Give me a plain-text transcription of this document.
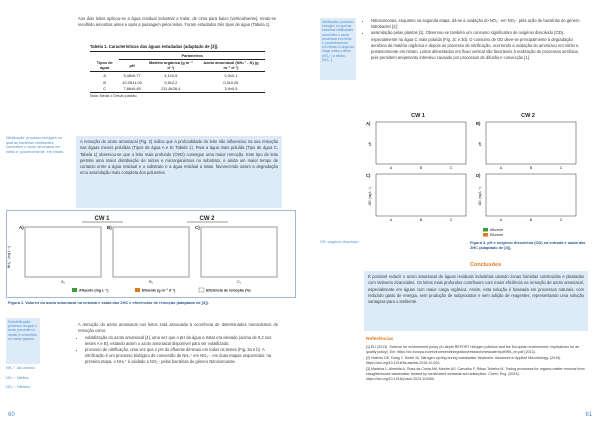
Aos dois leitos aplicou-se a água residual industrial a tratar, de cima para baixo (verticalmente), tendo-se recolhido amostras antes e após a passagem pelos leitos. Foram estudados três tipos de água (Tabela 1).

Tabela 1. Características das águas estudadas (adaptado de [3]).
	Parâmetros		
Tipos de água	pH	Matéria orgânica (g m⁻² d⁻¹)	Azoto amoniacal (NH₄⁺ - N) (g m⁻² d⁻¹)
A	9,48±0,77	4,1±0,5	0,3±0,1
B	10,25±1,03	9,5±2,2	0,5±0,05
C	7,86±0,45	211,8±26,4	3,9±0,5
Nota: Média ± Desvio padrão.

A remoção de azoto amoniacal (Fig. 2) indica que a profundidade do leito não influenciou na sua remoção nas águas menos poluídas (Tipos de água A e B; Tabela 1). Para a água mais poluída (Tipo de água C, Tabela 1) observou-se que o leito mais profundo (CW2) consegue uma maior remoção. Este tipo de leito permite uma maior distribuição de raízes e microrganismos no substrato, e ainda um maior tempo de contacto entre a água residual e o substrato e a água residual a tratar, favorecendo assim a degradação e/ou assimilação mais completa dos poluentes.

Nitrificação: processo biológico no qual as bactérias nitrificantes convertem o azoto amoniacal em nitrito e, posteriormente, em nitrato.
CW 1	CW 2
NH₄⁺ (mg L⁻¹)
A)
A₁
B)
B₁
C)
C₁
Afluente (mg L⁻¹)	Efluente (g m⁻² d⁻¹)	Eficiência de remoção (%)
Figura 2. Valores do azoto amoniacal na entrada e saída das ZHC e eficiências de remoção (adaptado de [3]).
Desnitrificação: processo no qual o azoto presente no nitrato é convertido em azoto gasoso.
NH₄⁺: Ião amónio
NO₂⁻: Nitritos
NO₃⁻: Nitratos

A remoção do azoto amoniacal nos leitos está associada à ocorrência de determinados mecanismos de remoção como:

• volatilização do azoto amoniacal [4], uma vez que o pH da água a tratar era elevado (acima de 9,2 nos testes A e B), estando assim o azoto amoniacal disponível para ser volatilizado;
• processo de nitrificação, uma vez que o pH do efluente diminuiu em todos os testes (Fig. 3a e b). A nitrificação é um processo biológico de conversão de NH₄⁺ em NO₃⁻, em duas etapas sequenciais: na primeira etapa, o NH₄⁺ é oxidado a NO₂⁻ pelas bactérias do género Nitrosomonas.
60
Nitrificação: processo biológico no qual as bactérias nitrificantes convertem o azoto amoniacal em nitrito e, posteriormente, em nitrato. A segunda etapa oxida o nitrito (NO₂⁻) a nitrato (NO₃⁻).
• Nitrosomonas, enquanto na segunda etapa, dá-se a oxidação do NO₂⁻ em NO₃⁻ pela ação de bactérias do género Nitrobacter [2];
• assimilação pelas plantas [1]. Observou-se também um consumo significativo de oxigénio dissolvido (OD), especialmente na água C mais poluída (Fig. 3c e 3d). O consumo de OD deve-se principalmente à degradação aeróbica da matéria orgânica e depois ao processo de nitrificação, ocorrendo a oxidação do amoníaco em nitrito e, posteriormente em nitrato. Leitos alimentados em fluxo vertical são favoráveis à realização de processos aeróbios, pois permitem arejamento intensivo causado por processos de difusão e convecção [1].
CW 1	CW 2
A)
pH
A	B	C
B)
pH
A	B	C
C)
OD (mg L⁻¹)
A	B	C
D)
OD (mg L⁻¹)
A	B	C
Afluente
Efluente
OD: oxigénio dissolvido	Figura 3. pH e oxigénio dissolvido (OD) na entrada e saída das ZHC (adaptado de [3]).
Conclusões

É possível reduzir o azoto amoniacal de águas residuais industriais usando zonas húmidas construídas e plantadas com Vetiveria zizanioides. Os leitos mais profundos contribuem com maior eficiência na remoção de azoto amoniacal, especialmente em águas com maior carga orgânica. Assim, esta solução é baseada em processos naturais, com reduzido gasto de energia, sem produção de subprodutos e sem adição de reagentes, representando uma solução vantajosa para o ambiente.

Referências

[1] EU (2013). Science for environment policy (In-depth REPORT nitrogen pollution and the European environment: implications for air quality policy). Em: https://ec.europa.eu/environment/integration/research/newsalert/pdf/IR6_en.pdf (2013).

[2] Holmes DE, Dang Y, Smith JA. Nitrogen cycling during wastewater treatment. Advances in Applied Microbiology. (2019). https://doi.org/10.1016/bs.aambs.2018.10.003.

[3] Madeira L, Almeida A, Rosa da Costa AM, Mestre AS, Carvalho F, Ribau Teixeira M. Tuning processes for organic matter removal from slaughterhouse wastewater treated by constructed wetlands and adsorption. Chem. Eng. (2023). https://doi.org/10.1016/j.cace.2023.110450.

61
